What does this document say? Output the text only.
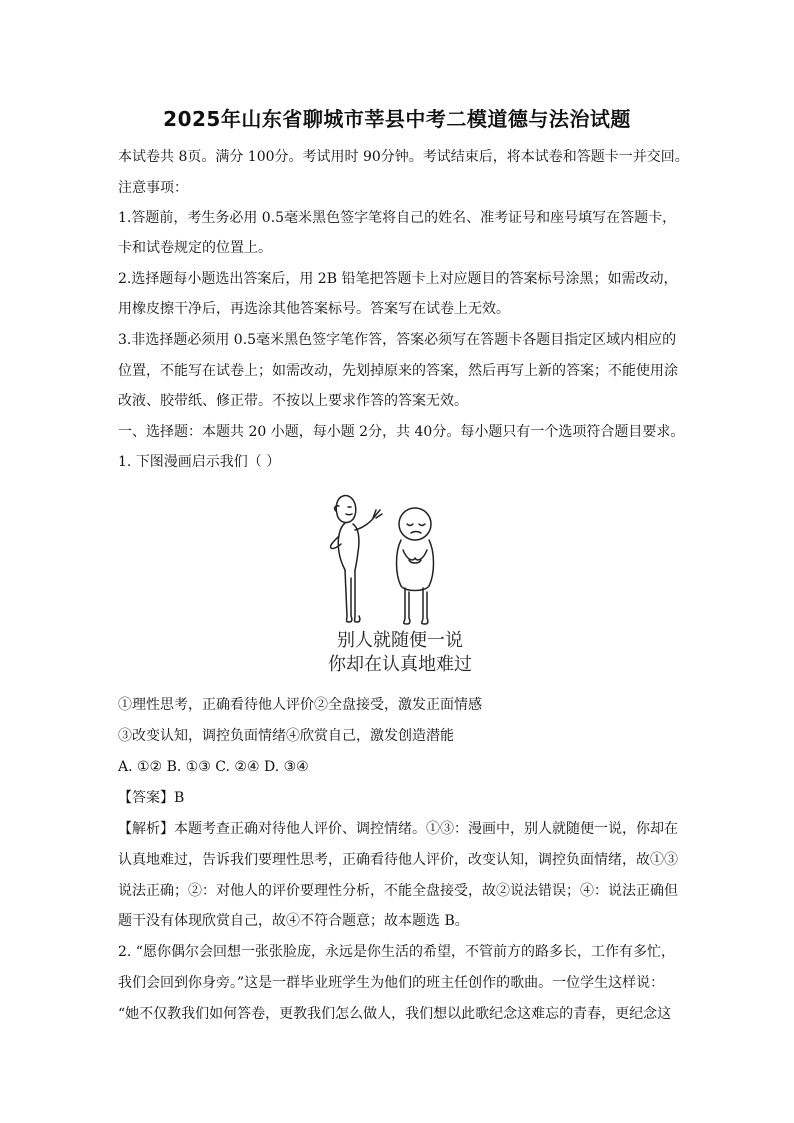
2025年山东省聊城市莘县中考二模道德与法治试题
本试卷共 8页。满分 100分。考试用时 90分钟。考试结束后，将本试卷和答题卡一并交回。
注意事项：
1.答题前，考生务必用 0.5毫米黑色签字笔将自己的姓名、准考证号和座号填写在答题卡，
卡和试卷规定的位置上。
2.选择题每小题选出答案后，用 2B 铅笔把答题卡上对应题目的答案标号涂黑；如需改动，
用橡皮擦干净后，再选涂其他答案标号。答案写在试卷上无效。
3.非选择题必须用 0.5毫米黑色签字笔作答，答案必须写在答题卡各题目指定区域内相应的
位置，不能写在试卷上；如需改动，先划掉原来的答案，然后再写上新的答案；不能使用涂
改液、胶带纸、修正带。不按以上要求作答的答案无效。
一、选择题：本题共 20 小题，每小题 2分，共 40分。每小题只有一个选项符合题目要求。
1. 下图漫画启示我们（ ）
别人就随便一说
你却在认真地难过
①理性思考，正确看待他人评价②全盘接受，激发正面情感
③改变认知，调控负面情绪④欣赏自己，激发创造潜能
A. ①② B. ①③ C. ②④ D. ③④
【答案】B
【解析】本题考查正确对待他人评价、调控情绪。①③：漫画中，别人就随便一说，你却在
认真地难过，告诉我们要理性思考，正确看待他人评价，改变认知，调控负面情绪，故①③
说法正确；②：对他人的评价要理性分析，不能全盘接受，故②说法错误；④：说法正确但
题干没有体现欣赏自己，故④不符合题意；故本题选 B。
2. “愿你偶尔会回想一张张脸庞，永远是你生活的希望，不管前方的路多长，工作有多忙，
我们会回到你身旁。”这是一群毕业班学生为他们的班主任创作的歌曲。一位学生这样说：
“她不仅教我们如何答卷，更教我们怎么做人，我们想以此歌纪念这难忘的青春，更纪念这
